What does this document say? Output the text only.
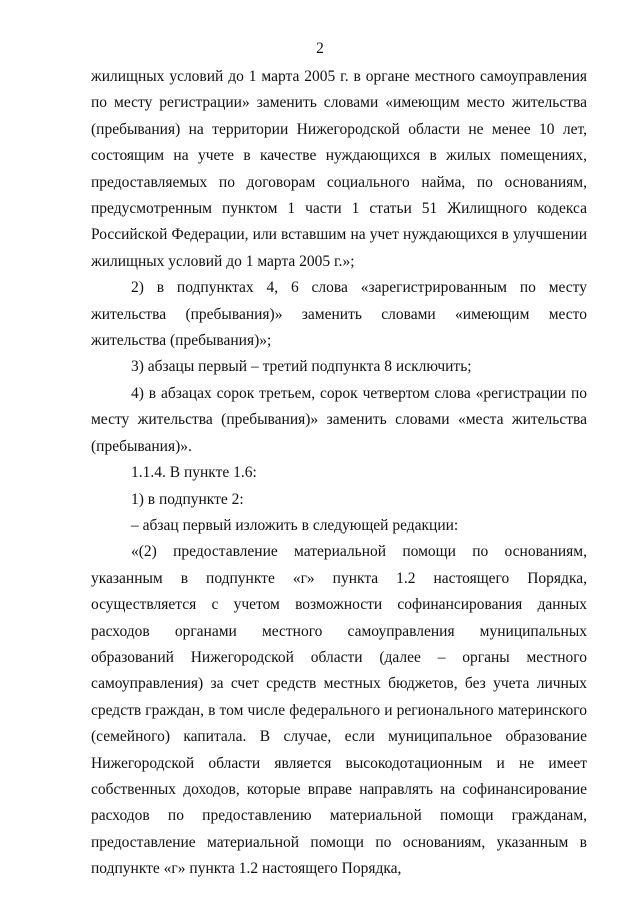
2

жилищных условий до 1 марта 2005 г. в органе местного самоуправления по месту регистрации» заменить словами «имеющим место жительства (пребывания) на территории Нижегородской области не менее 10 лет, состоящим на учете в качестве нуждающихся в жилых помещениях, предоставляемых по договорам социального найма, по основаниям, предусмотренным пунктом 1 части 1 статьи 51 Жилищного кодекса Российской Федерации, или вставшим на учет нуждающихся в улучшении жилищных условий до 1 марта 2005 г.»;

2) в подпунктах 4, 6 слова «зарегистрированным по месту жительства (пребывания)» заменить словами «имеющим место жительства (пребывания)»;

3) абзацы первый – третий подпункта 8 исключить;

4) в абзацах сорок третьем, сорок четвертом слова «регистрации по месту жительства (пребывания)» заменить словами «места жительства (пребывания)».

1.1.4. В пункте 1.6:

1) в подпункте 2:

– абзац первый изложить в следующей редакции:

«(2) предоставление материальной помощи по основаниям, указанным в подпункте «г» пункта 1.2 настоящего Порядка, осуществляется с учетом возможности софинансирования данных расходов органами местного самоуправления муниципальных образований Нижегородской области (далее – органы местного самоуправления) за счет средств местных бюджетов, без учета личных средств граждан, в том числе федерального и регионального материнского (семейного) капитала. В случае, если муниципальное образование Нижегородской области является высокодотационным и не имеет собственных доходов, которые вправе направлять на софинансирование расходов по предоставлению материальной помощи гражданам, предоставление материальной помощи по основаниям, указанным в подпункте «г» пункта 1.2 настоящего Порядка,
